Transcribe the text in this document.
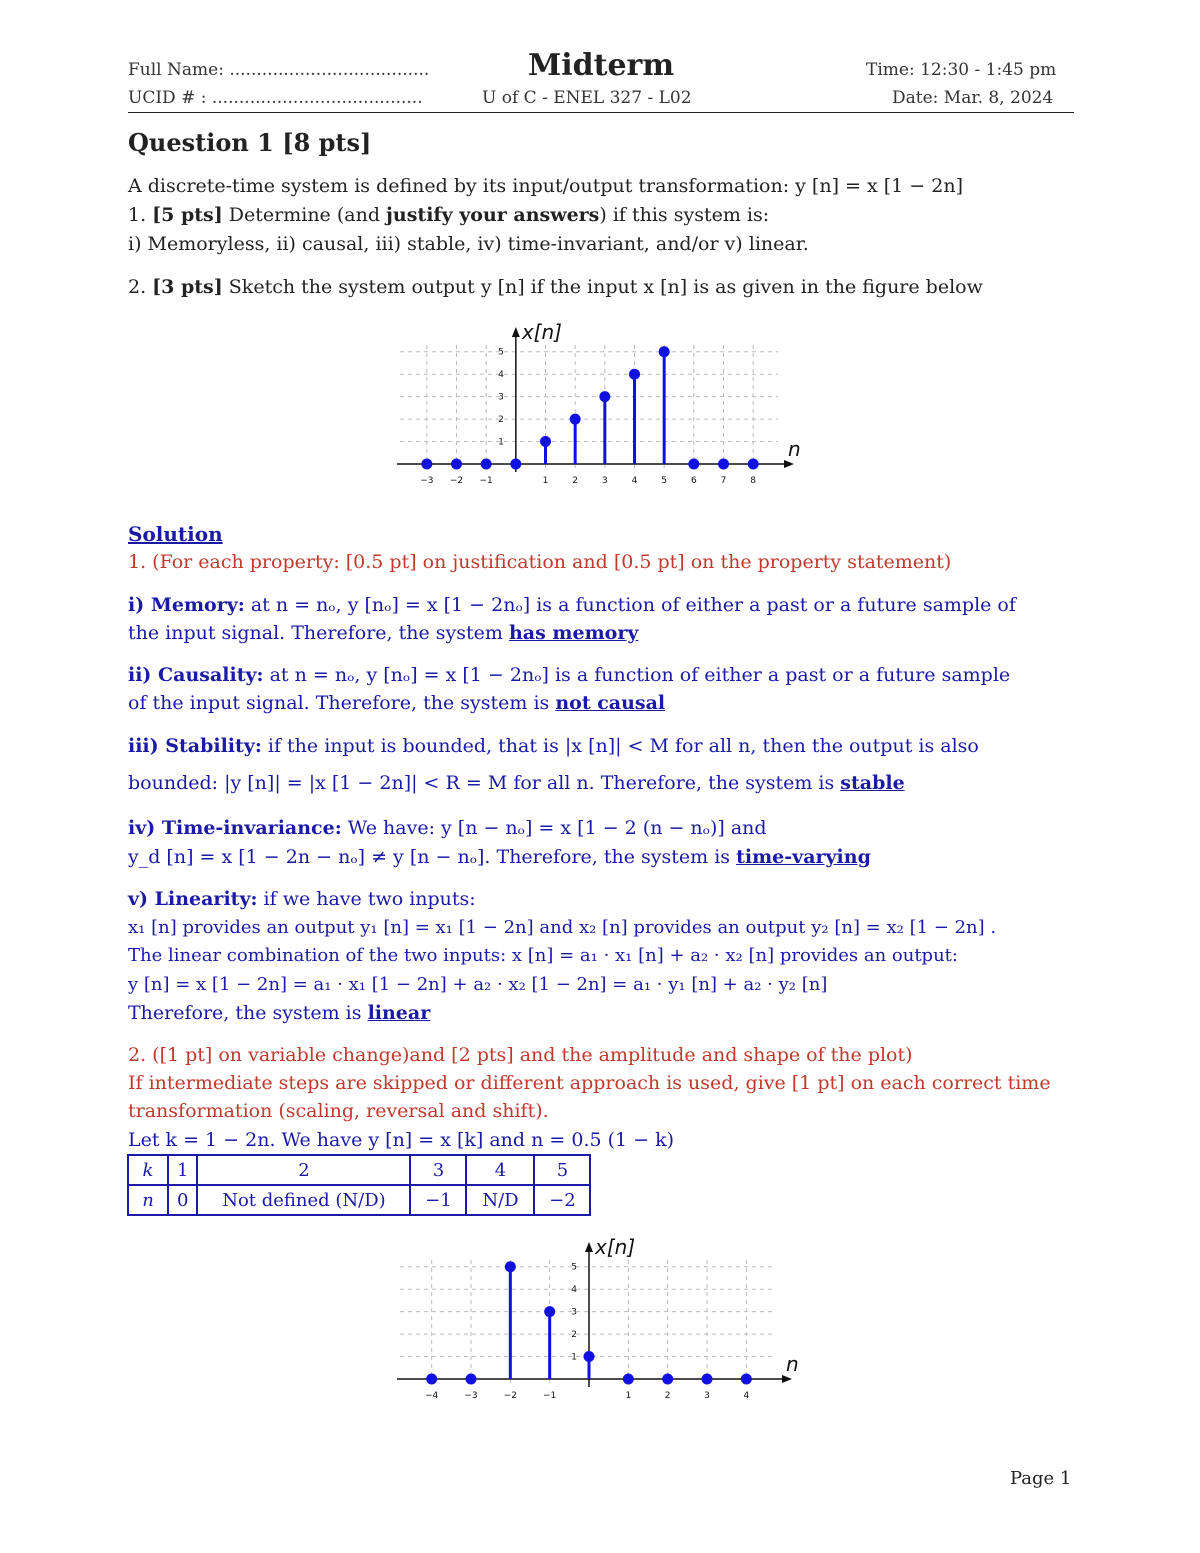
Full Name: .....................................
UCID # : .......................................
Midterm
U of C - ENEL 327 - L02
Time: 12:30 - 1:45 pm
Date: Mar. 8, 2024
Question 1 [8 pts]
A discrete-time system is defined by its input/output transformation: y [n] = x [1 − 2n]
1. [5 pts] Determine (and justify your answers) if this system is:
i) Memoryless, ii) causal, iii) stable, iv) time-invariant, and/or v) linear.
2. [3 pts] Sketch the system output y [n] if the input x [n] is as given in the figure below
x[n]
n
1
2
3
4
5
−3 −2 −1	1	2	3	4	5	6	7	8
Solution
1. (For each property: [0.5 pt] on justification and [0.5 pt] on the property statement)
i) Memory: at n = nₒ, y [nₒ] = x [1 − 2nₒ] is a function of either a past or a future sample of
the input signal. Therefore, the system has memory
ii) Causality: at n = nₒ, y [nₒ] = x [1 − 2nₒ] is a function of either a past or a future sample
of the input signal. Therefore, the system is not causal
iii) Stability: if the input is bounded, that is |x [n]| < M for all n, then the output is also
bounded: |y [n]| = |x [1 − 2n]| < R = M for all n. Therefore, the system is stable
iv) Time-invariance: We have: y [n − nₒ] = x [1 − 2 (n − nₒ)] and
y_d [n] = x [1 − 2n − nₒ] ≠ y [n − nₒ]. Therefore, the system is time-varying
v) Linearity: if we have two inputs:
x₁ [n] provides an output y₁ [n] = x₁ [1 − 2n] and x₂ [n] provides an output y₂ [n] = x₂ [1 − 2n] .
The linear combination of the two inputs: x [n] = a₁ · x₁ [n] + a₂ · x₂ [n] provides an output:
y [n] = x [1 − 2n] = a₁ · x₁ [1 − 2n] + a₂ · x₂ [1 − 2n] = a₁ · y₁ [n] + a₂ · y₂ [n]
Therefore, the system is linear
2. ([1 pt] on variable change)and [2 pts] and the amplitude and shape of the plot)
If intermediate steps are skipped or different approach is used, give [1 pt] on each correct time
transformation (scaling, reversal and shift).
Let k = 1 − 2n. We have y [n] = x [k] and n = 0.5 (1 − k)
k	1	2	3	4	5
n	0	Not defined (N/D)	−1	N/D	−2
x[n]
n
1
2
3
4
5
−4	−3	−2	−1	1	2	3	4
Page 1
